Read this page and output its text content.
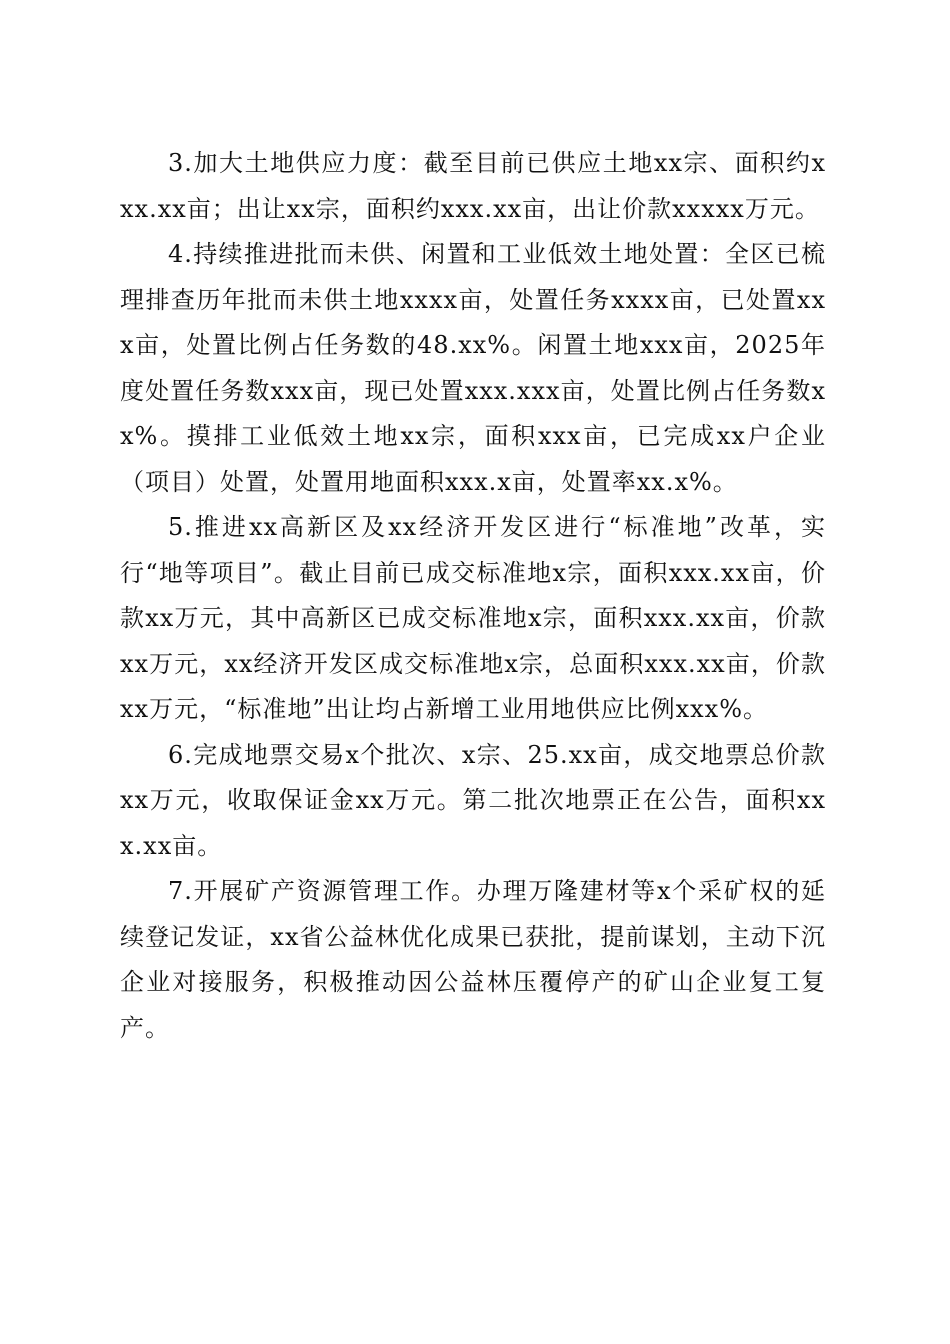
3.加大土地供应力度：截至目前已供应土地xx宗、面积约xxx.xx亩；出让xx宗，面积约xxx.xx亩，出让价款xxxxx万元。

4.持续推进批而未供、闲置和工业低效土地处置：全区已梳理排查历年批而未供土地xxxx亩，处置任务xxxx亩，已处置xxx亩，处置比例占任务数的48.xx%。闲置土地xxx亩，2025年度处置任务数xxx亩，现已处置xxx.xxx亩，处置比例占任务数xx%。摸排工业低效土地xx宗，面积xxx亩，已完成xx户企业（项目）处置，处置用地面积xxx.x亩，处置率xx.x%。

5.推进xx高新区及xx经济开发区进行“标准地”改革，实行“地等项目”。截止目前已成交标准地x宗，面积xxx.xx亩，价款xx万元，其中高新区已成交标准地x宗，面积xxx.xx亩，价款xx万元，xx经济开发区成交标准地x宗，总面积xxx.xx亩，价款xx万元，“标准地”出让均占新增工业用地供应比例xxx%。

6.完成地票交易x个批次、x宗、25.xx亩，成交地票总价款xx万元，收取保证金xx万元。第二批次地票正在公告，面积xxx.xx亩。

7.开展矿产资源管理工作。办理万隆建材等x个采矿权的延续登记发证，xx省公益林优化成果已获批，提前谋划，主动下沉企业对接服务，积极推动因公益林压覆停产的矿山企业复工复产。
